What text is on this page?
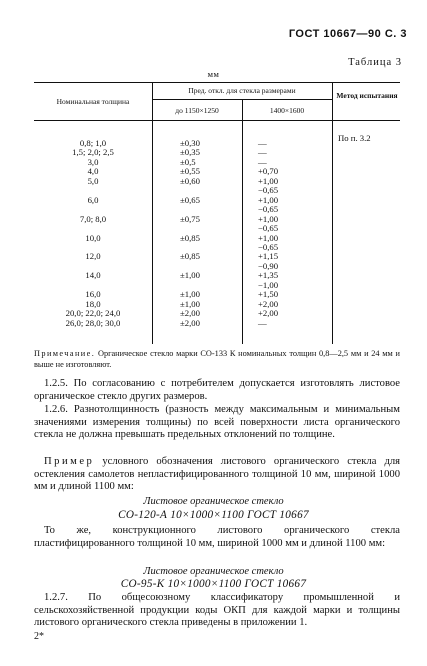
ГОСТ 10667—90 С. 3
Таблица 3
мм
Номинальная толщина
Пред. откл. для стекла размерами
до 1150×1250	1400×1600
Метод испытания
По п. 3.2
0,8; 1,0	±0,30	—
1,5; 2,0; 2,5	±0,35	—
3,0	±0,5	—
4,0	±0,55	+0,70
5,0	±0,60	+1,00
−0,65
6,0	±0,65	+1,00
−0,65
7,0; 8,0	±0,75	+1,00
−0,65
10,0	±0,85	+1,00
−0,65
12,0	±0,85	+1,15
−0,90
14,0	±1,00	+1,35
−1,00
16,0	±1,00	+1,50
18,0	±1,00	+2,00
20,0; 22,0; 24,0	±2,00	+2,00
26,0; 28,0; 30,0	±2,00	—
Примечание. Органическое стекло марки СО-133 К номинальных толщин 0,8—2,5 мм и 24 мм и выше не изготовляют.
1.2.5. По согласованию с потребителем допускается изготовлять листовое органическое стекло других размеров.
1.2.6. Разнотолщинность (разность между максимальным и минимальным значениями измерения толщины) по всей поверхности листа органического стекла не должна превышать предельных отклонений по толщине.
Пример условного обозначения листового органического стекла для остекления самолетов непластифицированного толщиной 10 мм, шириной 1000 мм и длиной 1100 мм:
Листовое органическое стекло
СО-120-А 10×1000×1100 ГОСТ 10667
То же, конструкционного листового органического стекла пластифицированного толщиной 10 мм, шириной 1000 мм и длиной 1100 мм:
Листовое органическое стекло
СО-95-К 10×1000×1100 ГОСТ 10667
1.2.7. По общесоюзному классификатору промышленной и сельскохозяйственной продукции коды ОКП для каждой марки и толщины листового органического стекла приведены в приложении 1.
2*
